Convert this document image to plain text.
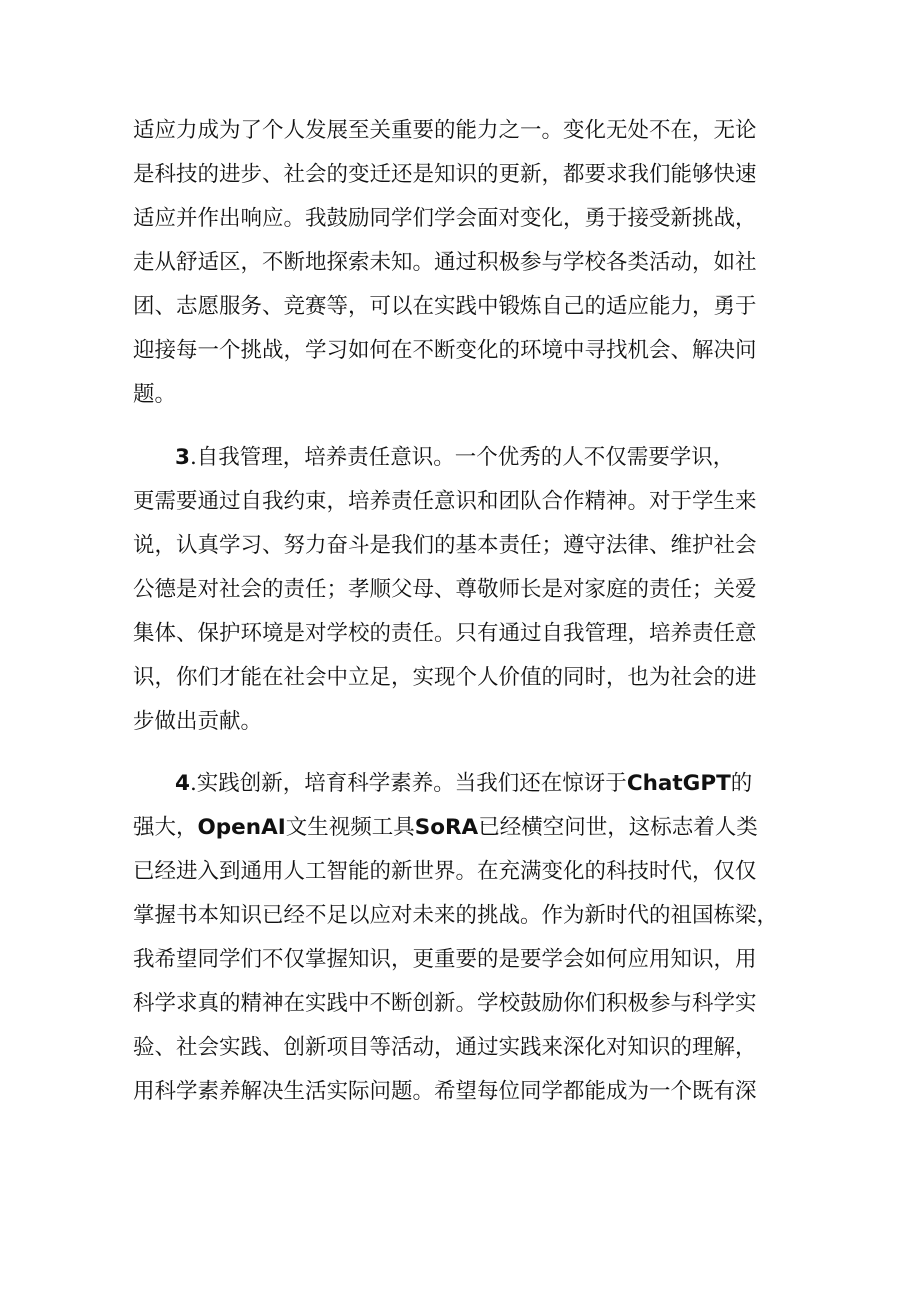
适应力成为了个人发展至关重要的能力之一。变化无处不在，无论
是科技的进步、社会的变迁还是知识的更新，都要求我们能够快速
适应并作出响应。我鼓励同学们学会面对变化，勇于接受新挑战，
走从舒适区，不断地探索未知。通过积极参与学校各类活动，如社
团、志愿服务、竞赛等，可以在实践中锻炼自己的适应能力，勇于
迎接每一个挑战，学习如何在不断变化的环境中寻找机会、解决问
题。
3.自我管理，培养责任意识。一个优秀的人不仅需要学识，
更需要通过自我约束，培养责任意识和团队合作精神。对于学生来
说，认真学习、努力奋斗是我们的基本责任；遵守法律、维护社会
公德是对社会的责任；孝顺父母、尊敬师长是对家庭的责任；关爱
集体、保护环境是对学校的责任。只有通过自我管理，培养责任意
识，你们才能在社会中立足，实现个人价值的同时，也为社会的进
步做出贡献。
4.实践创新，培育科学素养。当我们还在惊讶于ChatGPT的
强大，OpenAI文生视频工具SoRA已经横空问世，这标志着人类
已经进入到通用人工智能的新世界。在充满变化的科技时代，仅仅
掌握书本知识已经不足以应对未来的挑战。作为新时代的祖国栋梁，
我希望同学们不仅掌握知识，更重要的是要学会如何应用知识，用
科学求真的精神在实践中不断创新。学校鼓励你们积极参与科学实
验、社会实践、创新项目等活动，通过实践来深化对知识的理解，
用科学素养解决生活实际问题。希望每位同学都能成为一个既有深
